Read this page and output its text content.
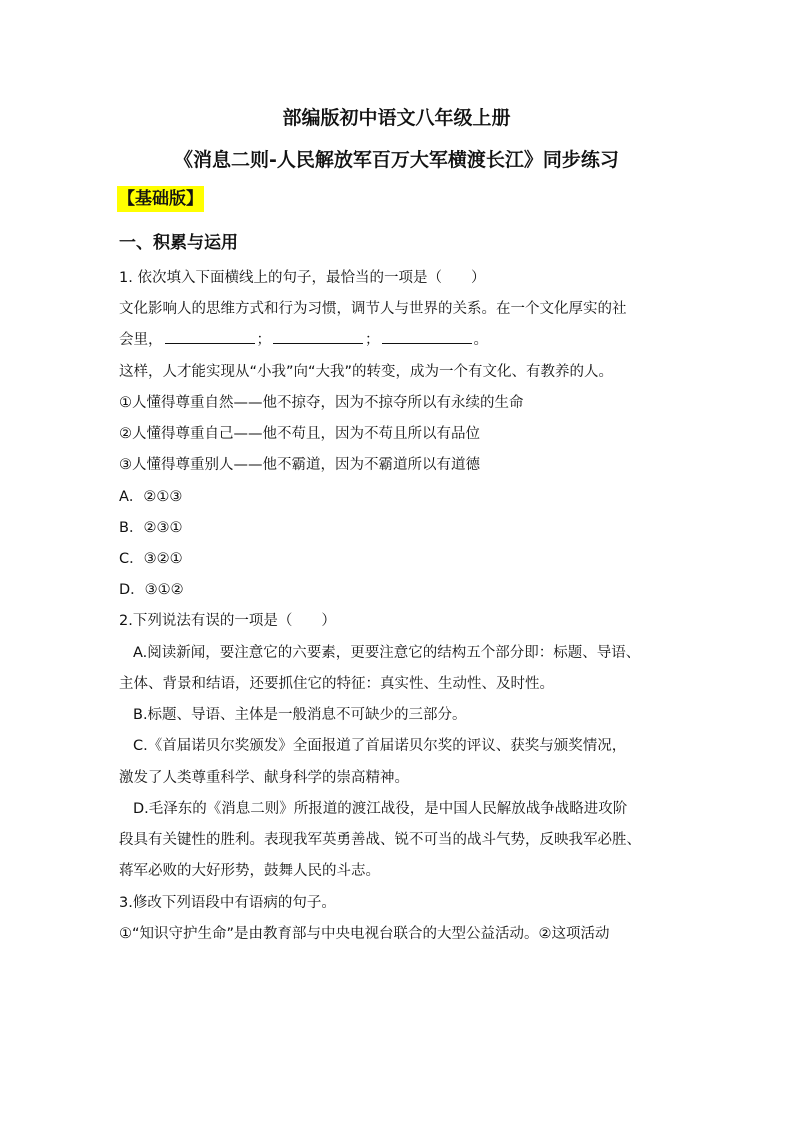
部编版初中语文八年级上册
《消息二则-人民解放军百万大军横渡长江》同步练习
【基础版】
一、积累与运用
1. 依次填入下面横线上的句子，最恰当的一项是（　　）
文化影响人的思维方式和行为习惯，调节人与世界的关系。在一个文化厚实的社
会里，	；	；	。
这样，人才能实现从“小我”向“大我”的转变，成为一个有文化、有教养的人。
①人懂得尊重自然——他不掠夺，因为不掠夺所以有永续的生命
②人懂得尊重自己——他不苟且，因为不苟且所以有品位
③人懂得尊重别人——他不霸道，因为不霸道所以有道德
A．②①③
B．②③①
C．③②①
D．③①②
2.下列说法有误的一项是（　　）
A.阅读新闻，要注意它的六要素，更要注意它的结构五个部分即：标题、导语、
主体、背景和结语，还要抓住它的特征：真实性、生动性、及时性。
B.标题、导语、主体是一般消息不可缺少的三部分。
C.《首届诺贝尔奖颁发》全面报道了首届诺贝尔奖的评议、获奖与颁奖情况，
激发了人类尊重科学、献身科学的崇高精神。
D.毛泽东的《消息二则》所报道的渡江战役，是中国人民解放战争战略进攻阶
段具有关键性的胜利。表现我军英勇善战、锐不可当的战斗气势，反映我军必胜、
蒋军必败的大好形势，鼓舞人民的斗志。
3.修改下列语段中有语病的句子。
①“知识守护生命”是由教育部与中央电视台联合的大型公益活动。②这项活动
